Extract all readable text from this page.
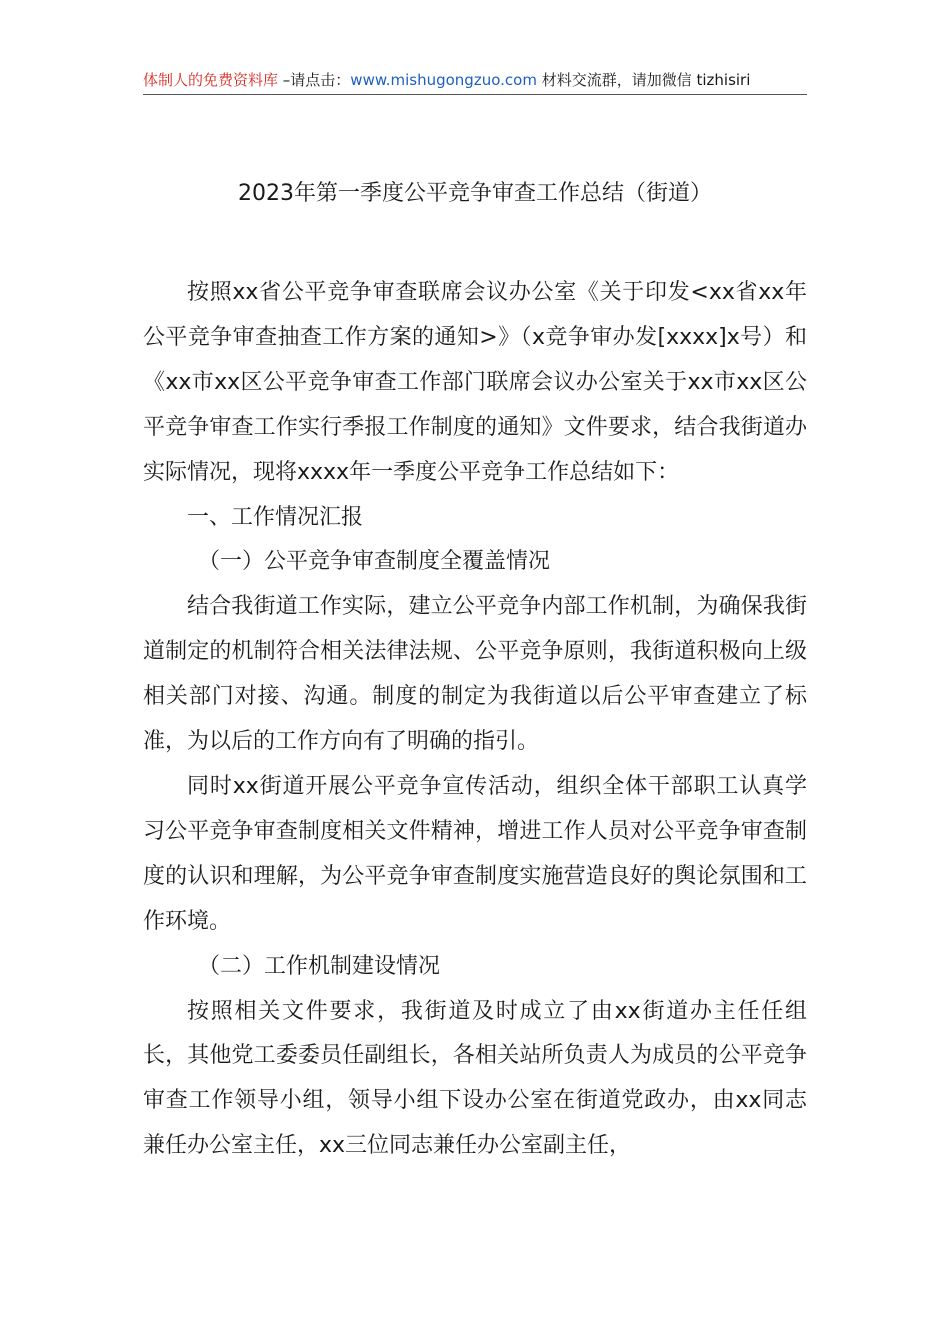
体制人的免费资料库 –请点击：www.mishugongzuo.com 材料交流群，请加微信 tizhisiri
2023年第一季度公平竞争审查工作总结（街道）

按照xx省公平竞争审查联席会议办公室《关于印发<xx省xx年公平竞争审查抽查工作方案的通知>》（x竞争审办发[xxxx]x号）和《xx市xx区公平竞争审查工作部门联席会议办公室关于xx市xx区公平竞争审查工作实行季报工作制度的通知》文件要求，结合我街道办实际情况，现将xxxx年一季度公平竞争工作总结如下：

一、工作情况汇报

（一）公平竞争审查制度全覆盖情况

结合我街道工作实际，建立公平竞争内部工作机制，为确保我街道制定的机制符合相关法律法规、公平竞争原则，我街道积极向上级相关部门对接、沟通。制度的制定为我街道以后公平审查建立了标准，为以后的工作方向有了明确的指引。

同时xx街道开展公平竞争宣传活动，组织全体干部职工认真学习公平竞争审查制度相关文件精神，增进工作人员对公平竞争审查制度的认识和理解，为公平竞争审查制度实施营造良好的舆论氛围和工作环境。

（二）工作机制建设情况

按照相关文件要求，我街道及时成立了由xx街道办主任任组长，其他党工委委员任副组长，各相关站所负责人为成员的公平竞争审查工作领导小组，领导小组下设办公室在街道党政办，由xx同志兼任办公室主任，xx三位同志兼任办公室副主任，
